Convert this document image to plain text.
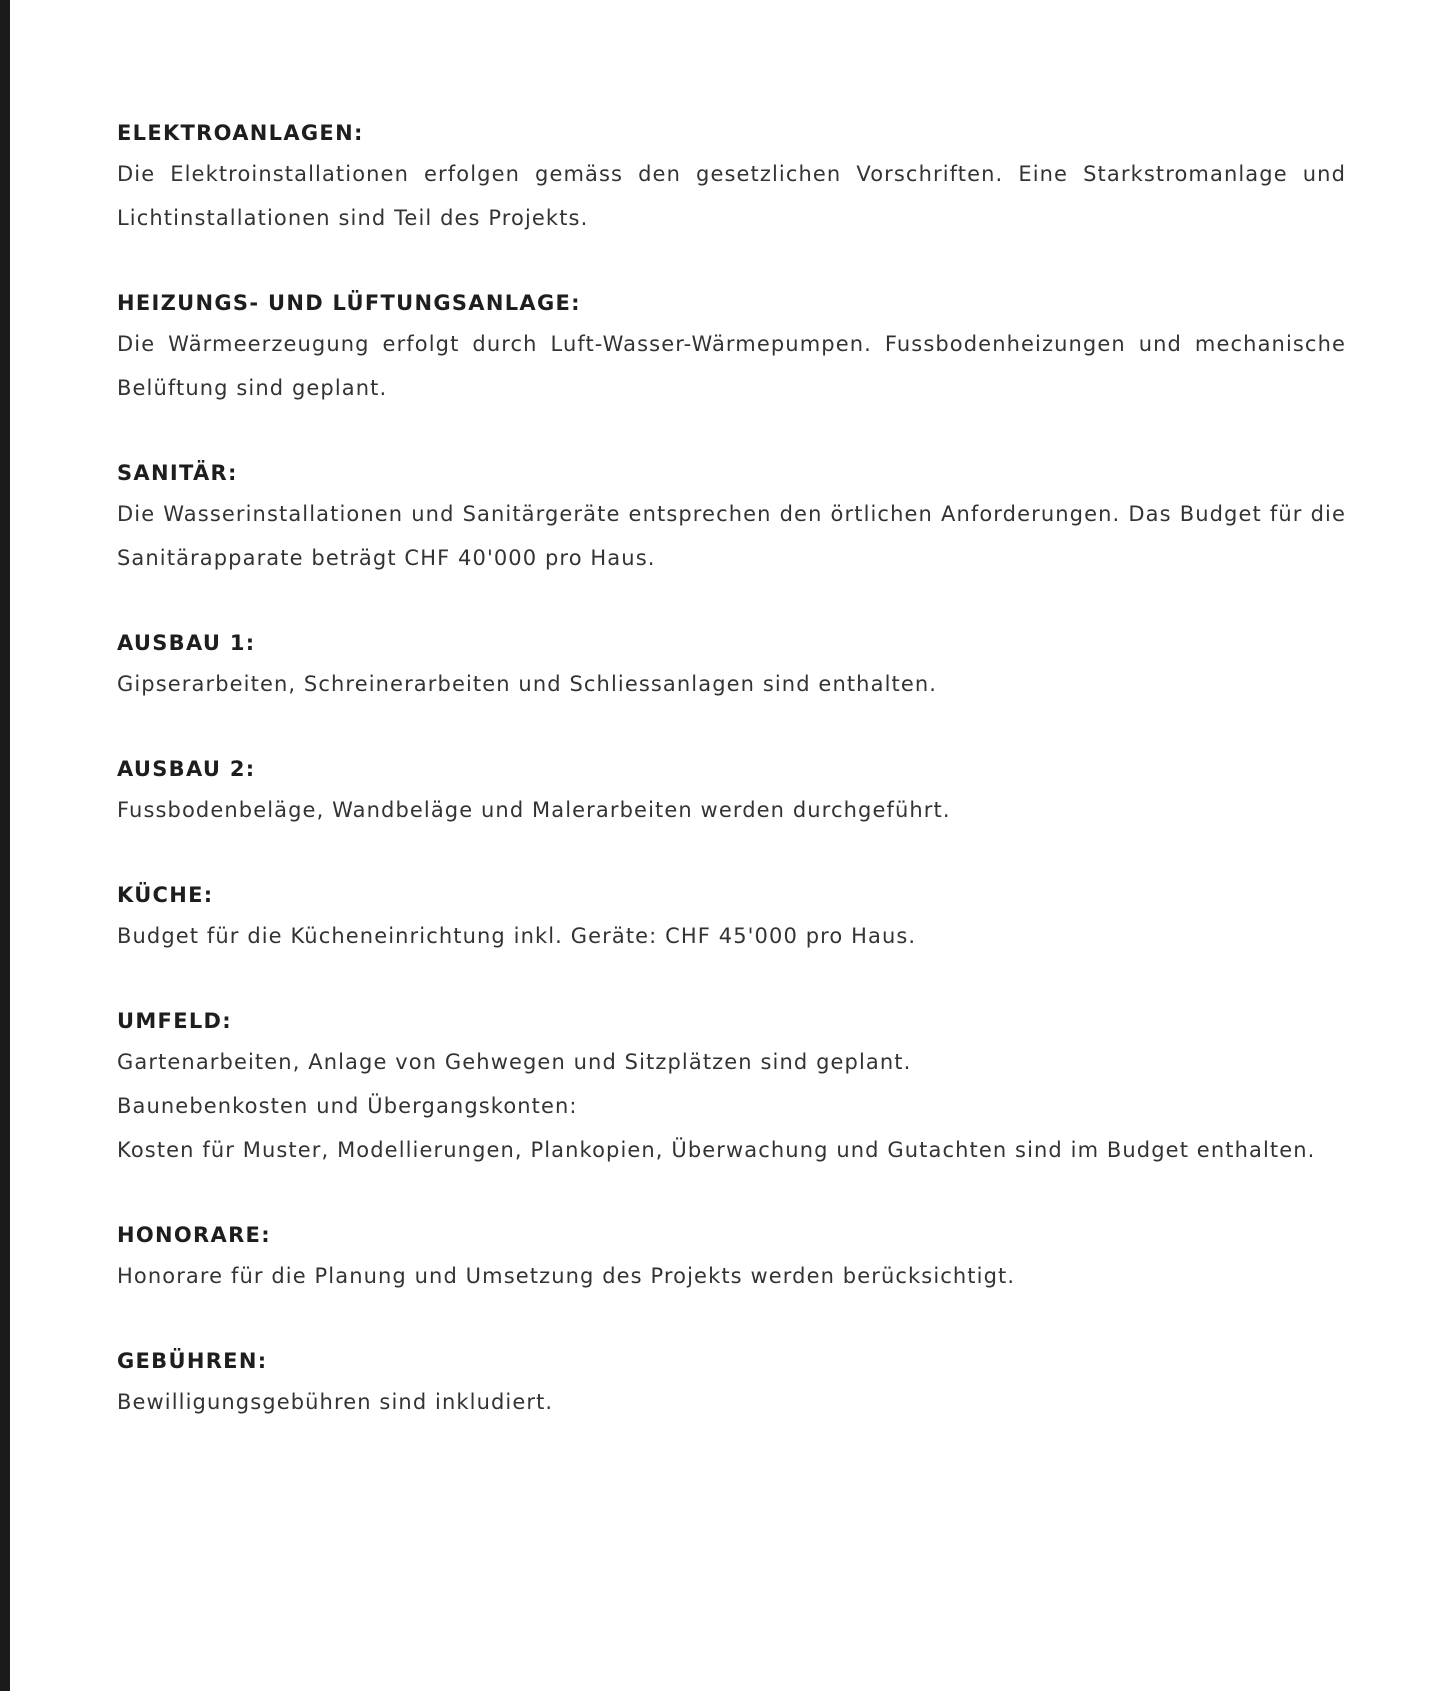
ELEKTROANLAGEN:

Die Elektroinstallationen erfolgen gemäss den gesetzlichen Vorschriften. Eine Starkstromanlage und Lichtinstallationen sind Teil des Projekts.

HEIZUNGS- UND LÜFTUNGSANLAGE:

Die Wärmeerzeugung erfolgt durch Luft-Wasser-Wärmepumpen. Fussbodenheizungen und mechanische Belüftung sind geplant.

SANITÄR:

Die Wasserinstallationen und Sanitärgeräte entsprechen den örtlichen Anforderungen. Das Budget für die Sanitärapparate beträgt CHF 40'000 pro Haus.

AUSBAU 1:

Gipserarbeiten, Schreinerarbeiten und Schliessanlagen sind enthalten.

AUSBAU 2:

Fussbodenbeläge, Wandbeläge und Malerarbeiten werden durchgeführt.

KÜCHE:

Budget für die Kücheneinrichtung inkl. Geräte: CHF 45'000 pro Haus.

UMFELD:

Gartenarbeiten, Anlage von Gehwegen und Sitzplätzen sind geplant.

Baunebenkosten und Übergangskonten:

Kosten für Muster, Modellierungen, Plankopien, Überwachung und Gutachten sind im Budget enthalten.

HONORARE:

Honorare für die Planung und Umsetzung des Projekts werden berücksichtigt.

GEBÜHREN:

Bewilligungsgebühren sind inkludiert.
